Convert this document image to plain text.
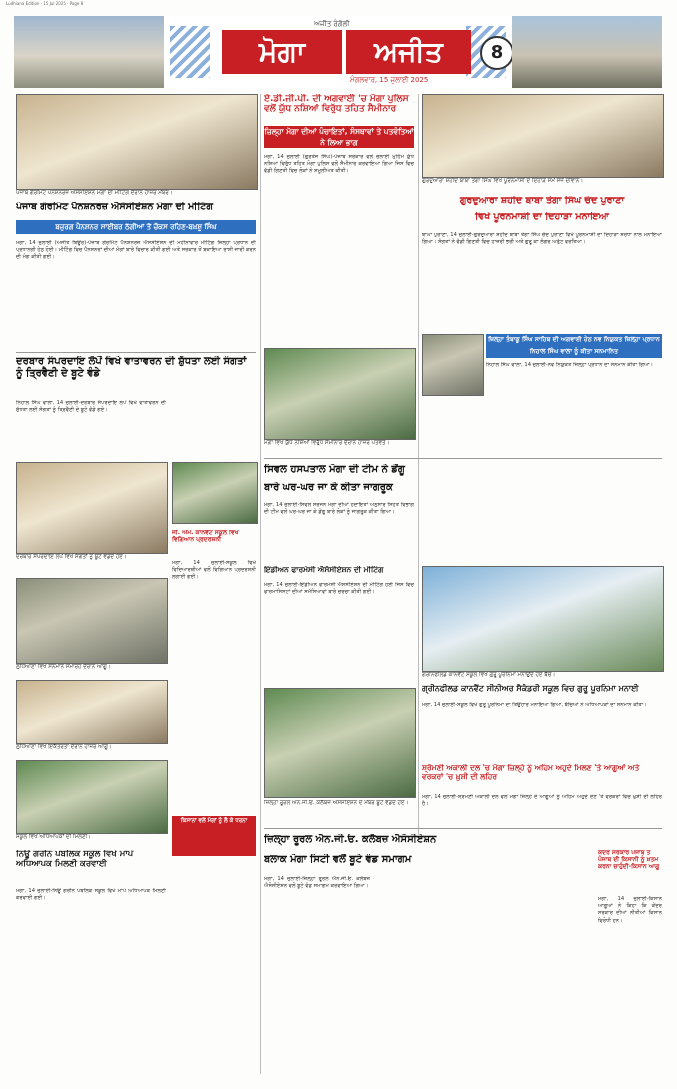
Ludhiana Edition · 15 Jul 2025 · Page 8
ਅਜੀਤ ਰੰਗੋਲੀ
ਮੋਗਾ	ਅਜੀਤ
ਮੰਗਲਵਾਰ, 15 ਜੁਲਾਈ 2025
8
ਪੰਜਾਬ ਗੌਰਮਿੰਟ ਪੈਨਸ਼ਨਰਜ਼ ਐਸੋਸੀਏਸ਼ਨ ਮੋਗਾ ਦੀ ਮੀਟਿੰਗ ਦੌਰਾਨ ਹਾਜ਼ਰ ਮੈਂਬਰ।
ਏ.ਡੀ.ਜੀ.ਪੀ. ਦੀ ਅਗਵਾਈ 'ਚ ਮੋਗਾ ਪੁਲਿਸ ਵਲੋਂ ਯੁੱਧ ਨਸ਼ਿਆਂ ਵਿਰੁੱਧ ਤਹਿਤ ਸੈਮੀਨਾਰ
ਜ਼ਿਲ੍ਹਾ ਮੋਗਾ ਦੀਆਂ ਪੰਚਾਇਤਾਂ, ਸੰਸਥਾਵਾਂ ਤੇ ਪਤਵੰਤਿਆਂ ਨੇ ਲਿਆ ਭਾਗ
ਗੁਰਦੁਆਰਾ ਸ਼ਹੀਦ ਬਾਬਾ ਤੇਗਾ ਸਿੰਘ ਵਿਖੇ ਪੂਰਨਮਾਸ਼ੀ ਦੇ ਦਿਹਾੜੇ ਸਮੇਂ ਸਜੇ ਦੀਵਾਨ।
ਪੰਜਾਬ ਗੌਰਮਿੰਟ ਪੈਨਸ਼ਨਰਜ਼ ਐਸੋਸੀਏਸ਼ਨ ਮੋਗਾ ਦੀ ਮੀਟਿੰਗ
ਬਜ਼ੁਰਗ ਪੈਨਸ਼ਨਰ ਸਾਈਬਰ ਠੱਗੀਆਂ ਤੋਂ ਚੌਕਸ ਰਹਿਣ-ਬਖ਼ਸ਼ੂ ਸਿੰਘ
ਮੋਗਾ, 14 ਜੁਲਾਈ (ਅਜੀਤ ਬਿਊਰੋ)-ਪੰਜਾਬ ਗੌਰਮਿੰਟ ਪੈਨਸ਼ਨਰਜ਼ ਐਸੋਸੀਏਸ਼ਨ ਦੀ ਮਹੀਨਾਵਾਰ ਮੀਟਿੰਗ ਜ਼ਿਲ੍ਹਾ ਪ੍ਰਧਾਨ ਦੀ ਪ੍ਰਧਾਨਗੀ ਹੇਠ ਹੋਈ। ਮੀਟਿੰਗ ਵਿਚ ਪੈਨਸ਼ਨਰਾਂ ਦੀਆਂ ਮੰਗਾਂ ਬਾਰੇ ਵਿਚਾਰ ਕੀਤੀ ਗਈ ਅਤੇ ਸਰਕਾਰ ਤੋਂ ਬਕਾਇਆ ਰਾਸ਼ੀ ਜਾਰੀ ਕਰਨ ਦੀ ਮੰਗ ਕੀਤੀ ਗਈ।
ਮੋਗਾ, 14 ਜੁਲਾਈ (ਗੁਰਤੇਜ ਸਿੰਘ)-ਪੰਜਾਬ ਸਰਕਾਰ ਵਲੋਂ ਚਲਾਈ ਮੁਹਿੰਮ ਯੁੱਧ ਨਸ਼ਿਆਂ ਵਿਰੁੱਧ ਤਹਿਤ ਮੋਗਾ ਪੁਲਿਸ ਵਲੋਂ ਸੈਮੀਨਾਰ ਕਰਵਾਇਆ ਗਿਆ ਜਿਸ ਵਿਚ ਵੱਡੀ ਗਿਣਤੀ ਵਿਚ ਲੋਕਾਂ ਨੇ ਸ਼ਮੂਲੀਅਤ ਕੀਤੀ।
ਗੁਰਦੁਆਰਾ ਸ਼ਹੀਦ ਬਾਬਾ ਤੇਗਾ ਸਿੰਘ ਚੰਦ ਪੁਰਾਣਾ
ਵਿਖੇ ਪੂਰਨਮਾਸ਼ੀ ਦਾ ਦਿਹਾੜਾ ਮਨਾਇਆ
ਬਾਘਾ ਪੁਰਾਣਾ, 14 ਜੁਲਾਈ-ਗੁਰਦੁਆਰਾ ਸ਼ਹੀਦ ਬਾਬਾ ਤੇਗਾ ਸਿੰਘ ਚੰਦ ਪੁਰਾਣਾ ਵਿਖੇ ਪੂਰਨਮਾਸ਼ੀ ਦਾ ਦਿਹਾੜਾ ਸ਼ਰਧਾ ਨਾਲ ਮਨਾਇਆ ਗਿਆ। ਸੰਗਤਾਂ ਨੇ ਵੱਡੀ ਗਿਣਤੀ ਵਿਚ ਹਾਜ਼ਰੀ ਭਰੀ ਅਤੇ ਗੁਰੂ ਕਾ ਲੰਗਰ ਅਤੁੱਟ ਵਰਤਿਆ।
ਜ਼ਿਲ੍ਹਾ ਤੰਬਾਕੂ ਸਿੰਘ ਸਾਹਿਬ ਦੀ ਅਗਵਾਈ ਹੇਠ ਨਵ ਨਿਯੁਕਤ ਜ਼ਿਲ੍ਹਾ ਪ੍ਰਧਾਨ ਨਿਹਾਲ ਸਿੰਘ ਵਾਲਾ ਨੂੰ ਕੀਤਾ ਸਨਮਾਨਿਤ
ਨਿਹਾਲ ਸਿੰਘ ਵਾਲਾ, 14 ਜੁਲਾਈ-ਨਵ ਨਿਯੁਕਤ ਜ਼ਿਲ੍ਹਾ ਪ੍ਰਧਾਨ ਦਾ ਸਨਮਾਨ ਕੀਤਾ ਗਿਆ।
ਮੋਗਾ ਵਿਖੇ ਯੁੱਧ ਨਸ਼ਿਆਂ ਵਿਰੁੱਧ ਸੈਮੀਨਾਰ ਦੌਰਾਨ ਹਾਜ਼ਰ ਪਤਵੰਤੇ।
ਦਰਬਾਰ ਸੰਪਰਦਾਇ ਲੋਪੋਂ ਵਿਖੇ ਵਾਤਾਵਰਨ ਦੀ ਸ਼ੁੱਧਤਾ ਲਈ ਸੰਗਤਾਂ ਨੂੰ ਤ੍ਰਿਵੈਣੀ ਦੇ ਬੂਟੇ ਵੰਡੇ
ਨਿਹਾਲ ਸਿੰਘ ਵਾਲਾ, 14 ਜੁਲਾਈ-ਦਰਬਾਰ ਸੰਪਰਦਾਇ ਲੋਪੋਂ ਵਿਖੇ ਵਾਤਾਵਰਨ ਦੀ ਸ਼ੁੱਧਤਾ ਲਈ ਸੰਗਤਾਂ ਨੂੰ ਤ੍ਰਿਵੈਣੀ ਦੇ ਬੂਟੇ ਵੰਡੇ ਗਏ।
ਦਰਬਾਰ ਸੰਪਰਦਾਇ ਲੋਪੋਂ ਵਿਖੇ ਸੰਗਤਾਂ ਨੂੰ ਬੂਟੇ ਵੰਡਦੇ ਹੋਏ।
ਸਿਵਲ ਹਸਪਤਾਲ ਮੋਗਾ ਦੀ ਟੀਮ ਨੇ ਡੇਂਗੂ
ਬਾਰੇ ਘਰ-ਘਰ ਜਾ ਕੇ ਕੀਤਾ ਜਾਗਰੂਕ
ਮੋਗਾ, 14 ਜੁਲਾਈ-ਸਿਵਲ ਸਰਜਨ ਮੋਗਾ ਦੀਆਂ ਹਦਾਇਤਾਂ ਅਨੁਸਾਰ ਸਿਹਤ ਵਿਭਾਗ ਦੀ ਟੀਮ ਵਲੋਂ ਘਰ-ਘਰ ਜਾ ਕੇ ਡੇਂਗੂ ਬਾਰੇ ਲੋਕਾਂ ਨੂੰ ਜਾਗਰੂਕ ਕੀਤਾ ਗਿਆ।
ਇੰਡੀਅਨ ਫਾਰਮੇਸੀ ਐਸੋਸੀਏਸ਼ਨ ਦੀ ਮੀਟਿੰਗ
ਮੋਗਾ, 14 ਜੁਲਾਈ-ਇੰਡੀਅਨ ਫਾਰਮੇਸੀ ਐਸੋਸੀਏਸ਼ਨ ਦੀ ਮੀਟਿੰਗ ਹੋਈ ਜਿਸ ਵਿਚ ਫਾਰਮਾਸਿਸਟਾਂ ਦੀਆਂ ਸਮੱਸਿਆਵਾਂ ਬਾਰੇ ਚਰਚਾ ਕੀਤੀ ਗਈ।
ਗਰੀਨਫੀਲਡ ਕਾਨਵੈਂਟ ਸਕੂਲ ਵਿਖੇ ਗੁਰੂ ਪੂਰਨਿਮਾ ਮਨਾਉਂਦੇ ਹੋਏ ਬੱਚੇ।
ਗ੍ਰੀਨਫੀਲਡ ਕਾਨਵੈਂਟ ਸੀਨੀਅਰ ਸੈਕੰਡਰੀ ਸਕੂਲ ਵਿਚ ਗੁਰੂ ਪੂਰਨਿਮਾ ਮਨਾਈ
ਮੋਗਾ, 14 ਜੁਲਾਈ-ਸਕੂਲ ਵਿਖੇ ਗੁਰੂ ਪੂਰਨਿਮਾ ਦਾ ਤਿਉਹਾਰ ਮਨਾਇਆ ਗਿਆ, ਬੱਚਿਆਂ ਨੇ ਅਧਿਆਪਕਾਂ ਦਾ ਸਨਮਾਨ ਕੀਤਾ।
ਜੀ. ਐਮ. ਕਾਨਵੈਂਟ ਸਕੂਲ ਵਿਖੇ ਵਿਗਿਆਨ ਪ੍ਰਦਰਸ਼ਨੀ
ਮੋਗਾ, 14 ਜੁਲਾਈ-ਸਕੂਲ ਵਿਖੇ ਵਿਦਿਆਰਥੀਆਂ ਵਲੋਂ ਵਿਗਿਆਨ ਪ੍ਰਦਰਸ਼ਨੀ ਲਗਾਈ ਗਈ।
ਲੁਧਿਆਣਾ ਵਿਖੇ ਸਨਮਾਨ ਸਮਾਰੋਹ ਦੌਰਾਨ ਆਗੂ।
ਲੁਧਿਆਣਾ ਵਿਖੇ ਇਕੱਤਰਤਾ ਦੌਰਾਨ ਹਾਜ਼ਰ ਆਗੂ।
ਸਕੂਲ ਵਿਖੇ ਅਧਿਆਪਕਾਂ ਦੀ ਮਿਲਣੀ।
ਸ਼੍ਰੋਮਣੀ ਅਕਾਲੀ ਦਲ 'ਚ ਮੋਗਾ ਜ਼ਿਲ੍ਹੇ ਨੂੰ ਅਹਿਮ ਅਹੁਦੇ ਮਿਲਣ 'ਤੇ ਆਗੂਆਂ ਅਤੇ ਵਰਕਰਾਂ 'ਚ ਖ਼ੁਸ਼ੀ ਦੀ ਲਹਿਰ
ਮੋਗਾ, 14 ਜੁਲਾਈ-ਸ਼੍ਰੋਮਣੀ ਅਕਾਲੀ ਦਲ ਵਲੋਂ ਮੋਗਾ ਜ਼ਿਲ੍ਹੇ ਦੇ ਆਗੂਆਂ ਨੂੰ ਅਹਿਮ ਅਹੁਦੇ ਦੇਣ 'ਤੇ ਵਰਕਰਾਂ ਵਿਚ ਖ਼ੁਸ਼ੀ ਦੀ ਲਹਿਰ ਹੈ।
ਜ਼ਿਲ੍ਹਾ ਰੂਰਲ ਐਨ.ਜੀ.ਓ. ਕਲੱਬਜ਼ ਐਸੋਸੀਏਸ਼ਨ ਦੇ ਮੈਂਬਰ ਬੂਟੇ ਵੰਡਦੇ ਹੋਏ।
ਜ਼ਿਲ੍ਹਾ ਰੂਰਲ ਐਨ.ਜੀ.ਓ. ਕਲੱਬਜ਼ ਐਸੋਸੀਏਸ਼ਨ
ਬਲਾਕ ਮੋਗਾ ਸਿਟੀ ਵਲੋਂ ਬੂਟੇ ਵੰਡ ਸਮਾਗਮ
ਮੋਗਾ, 14 ਜੁਲਾਈ-ਜ਼ਿਲ੍ਹਾ ਰੂਰਲ ਐਨ.ਜੀ.ਓ. ਕਲੱਬਜ਼ ਐਸੋਸੀਏਸ਼ਨ ਵਲੋਂ ਬੂਟੇ ਵੰਡ ਸਮਾਗਮ ਕਰਵਾਇਆ ਗਿਆ।
ਨਿਊ ਗਰੀਨ ਪਬਲਿਕ ਸਕੂਲ ਵਿਖੇ ਮਾਪੇ ਅਧਿਆਪਕ ਮਿਲਣੀ ਕਰਵਾਈ
ਮੋਗਾ, 14 ਜੁਲਾਈ-ਨਿਊ ਗਰੀਨ ਪਬਲਿਕ ਸਕੂਲ ਵਿਖੇ ਮਾਪੇ ਅਧਿਆਪਕ ਮਿਲਣੀ ਕਰਵਾਈ ਗਈ।
ਕਿਸਾਨਾਂ ਵਲੋਂ ਮੰਗਾਂ ਨੂੰ ਲੈ ਕੇ ਧਰਨਾ
ਕੇਂਦਰ ਸਰਕਾਰ ਪੰਜਾਬ ਤੇ ਪੰਜਾਬ ਦੀ ਕਿਸਾਨੀ ਨੂੰ ਖ਼ਤਮ ਕਰਨਾ ਚਾਹੁੰਦੀ-ਕਿਸਾਨ ਆਗੂ
ਮੋਗਾ, 14 ਜੁਲਾਈ-ਕਿਸਾਨ ਆਗੂਆਂ ਨੇ ਕਿਹਾ ਕਿ ਕੇਂਦਰ ਸਰਕਾਰ ਦੀਆਂ ਨੀਤੀਆਂ ਕਿਸਾਨ ਵਿਰੋਧੀ ਹਨ।
